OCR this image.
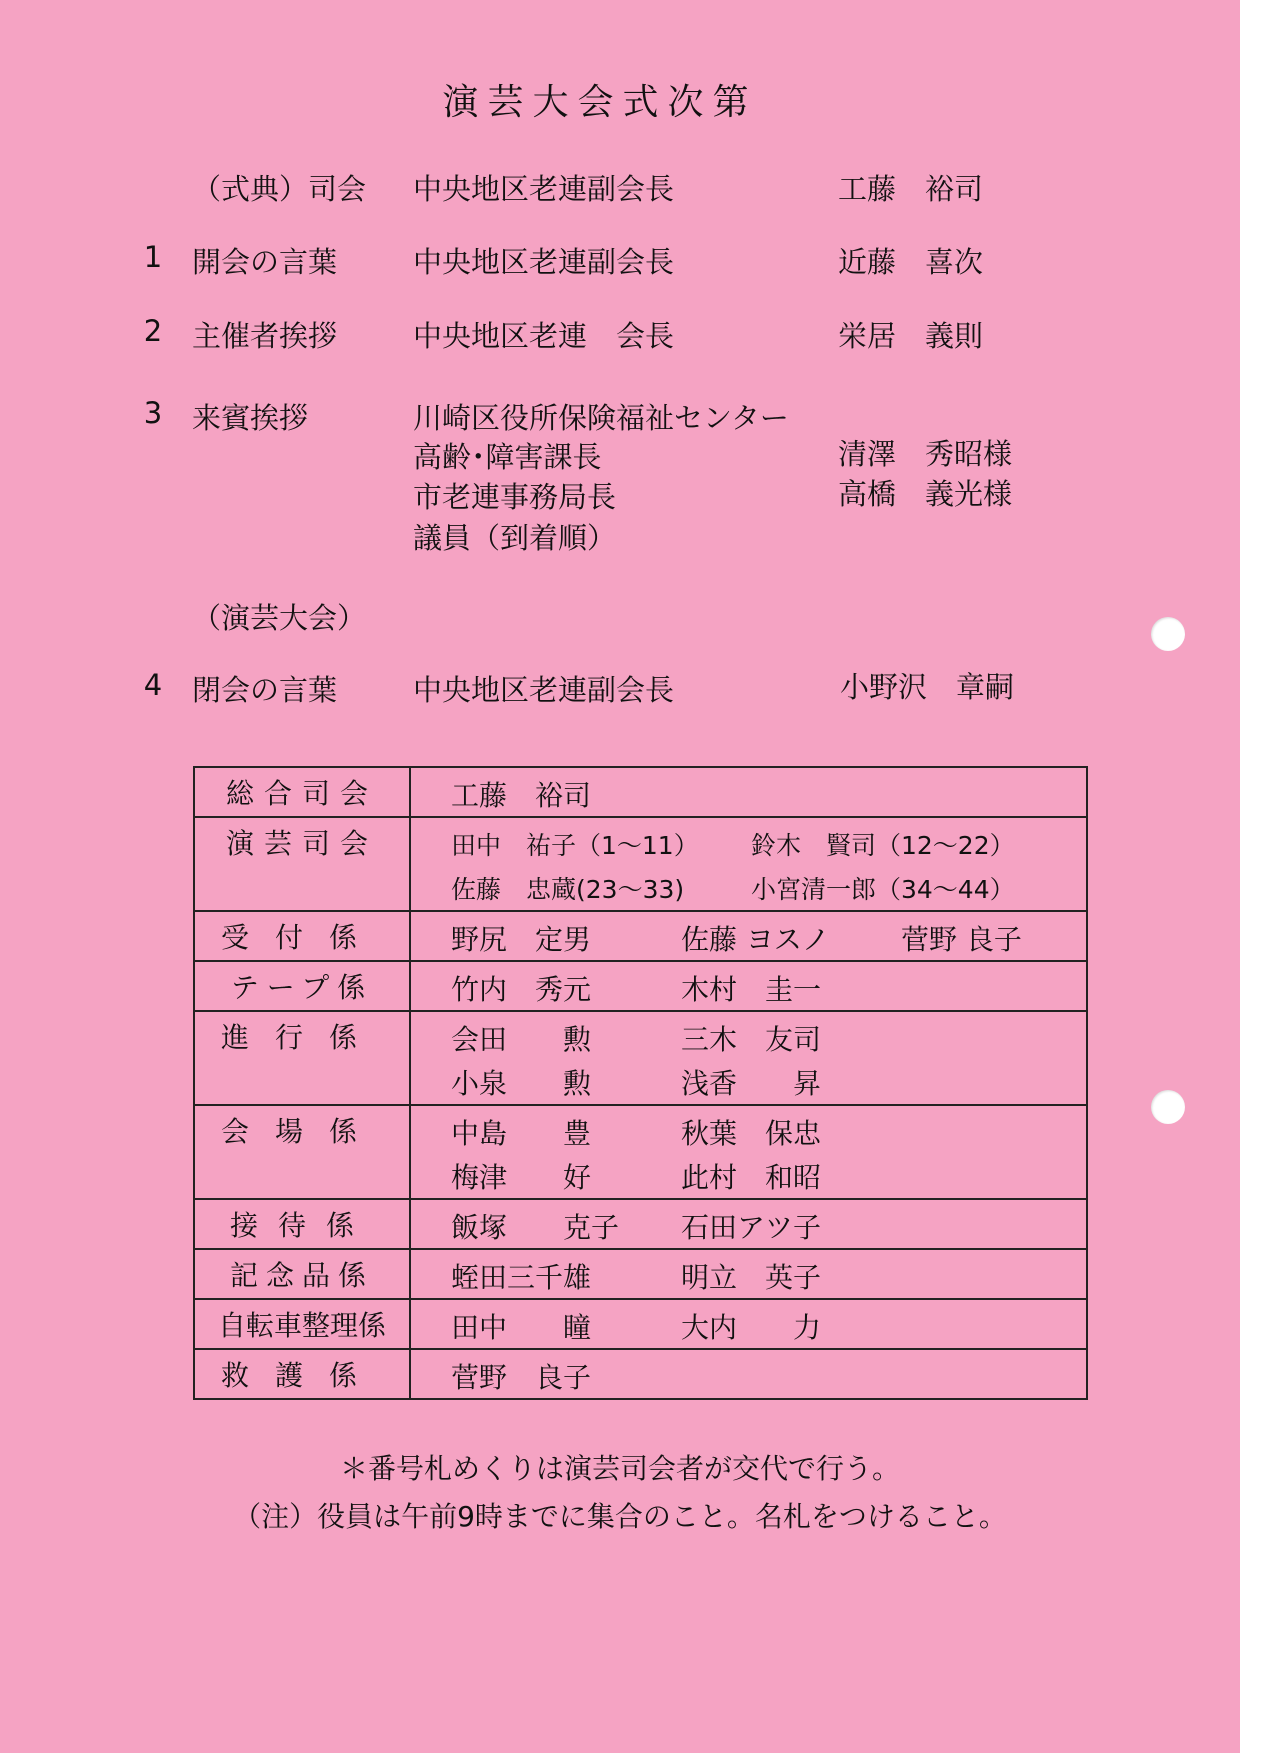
演芸大会式次第
（式典）司会 中央地区老連副会長	工藤　裕司
1 開会の言葉	中央地区老連副会長	近藤　喜次
2 主催者挨拶	中央地区老連　会長	栄居　義則
3 来賓挨拶	川崎区役所保険福祉センター
高齢･障害課長	清澤　秀昭様
市老連事務局長	高橋　義光様
議員（到着順）
（演芸大会）
4 閉会の言葉	中央地区老連副会長	小野沢　章嗣
総合司会	工藤　裕司

演芸司会	田中　祐子（1～11） 鈴木　賢司（12～22）
佐藤　忠蔵(23～33) 小宮清一郎（34～44）

受付係	野尻　定男 佐藤 ヨスノ 菅野 良子

テープ係	竹内　秀元 木村　圭一

進行係	会田　　勲 三木　友司
小泉　　勲 浅香　　昇

会場係	中島　　豊 秋葉　保忠
梅津　　好 此村　和昭

接待係	飯塚　　克子 石田アツ子

記念品係	蛭田三千雄 明立　英子

自転車整理係	田中　　瞳 大内　　力

救護係	菅野　良子
＊番号札めくりは演芸司会者が交代で行う。
（注）役員は午前9時までに集合のこと。名札をつけること。
